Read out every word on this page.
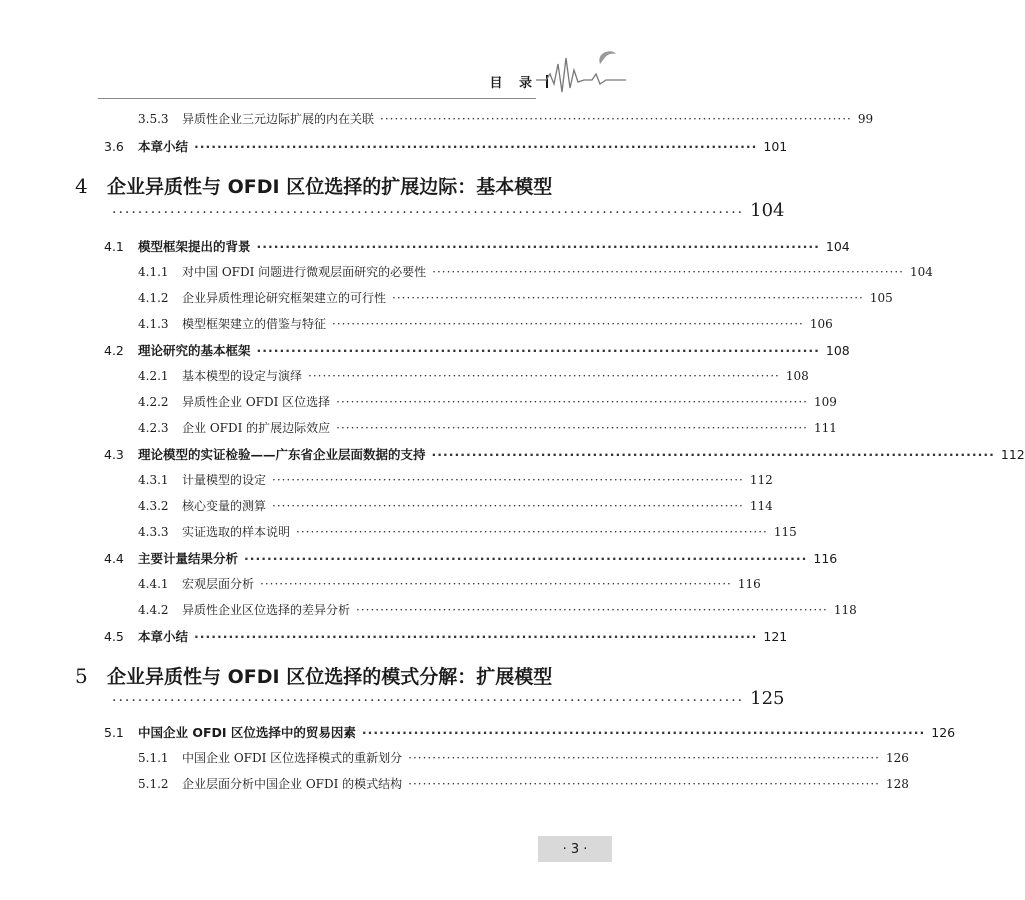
目 录
3.5.3	异质性企业三元边际扩展的内在关联 ·································································································· 99
3.6	本章小结 ·································································································· 101
4	企业异质性与 OFDI 区位选择的扩展边际：基本模型
·································································································· 104
4.1	模型框架提出的背景 ·································································································· 104
4.1.1	对中国 OFDI 问题进行微观层面研究的必要性 ·································································································· 104
4.1.2	企业异质性理论研究框架建立的可行性 ·································································································· 105
4.1.3	模型框架建立的借鉴与特征 ·································································································· 106
4.2	理论研究的基本框架 ·································································································· 108
4.2.1	基本模型的设定与演绎 ·································································································· 108
4.2.2	异质性企业 OFDI 区位选择 ·································································································· 109
4.2.3	企业 OFDI 的扩展边际效应 ·································································································· 111
4.3	理论模型的实证检验——广东省企业层面数据的支持 ·································································································· 112
4.3.1	计量模型的设定 ·································································································· 112
4.3.2	核心变量的测算 ·································································································· 114
4.3.3	实证选取的样本说明 ·································································································· 115
4.4	主要计量结果分析 ·································································································· 116
4.4.1	宏观层面分析 ·································································································· 116
4.4.2	异质性企业区位选择的差异分析 ·································································································· 118
4.5	本章小结 ·································································································· 121
5	企业异质性与 OFDI 区位选择的模式分解：扩展模型
·································································································· 125
5.1	中国企业 OFDI 区位选择中的贸易因素 ·································································································· 126
5.1.1	中国企业 OFDI 区位选择模式的重新划分 ·································································································· 126
5.1.2	企业层面分析中国企业 OFDI 的模式结构 ·································································································· 128
· 3 ·
